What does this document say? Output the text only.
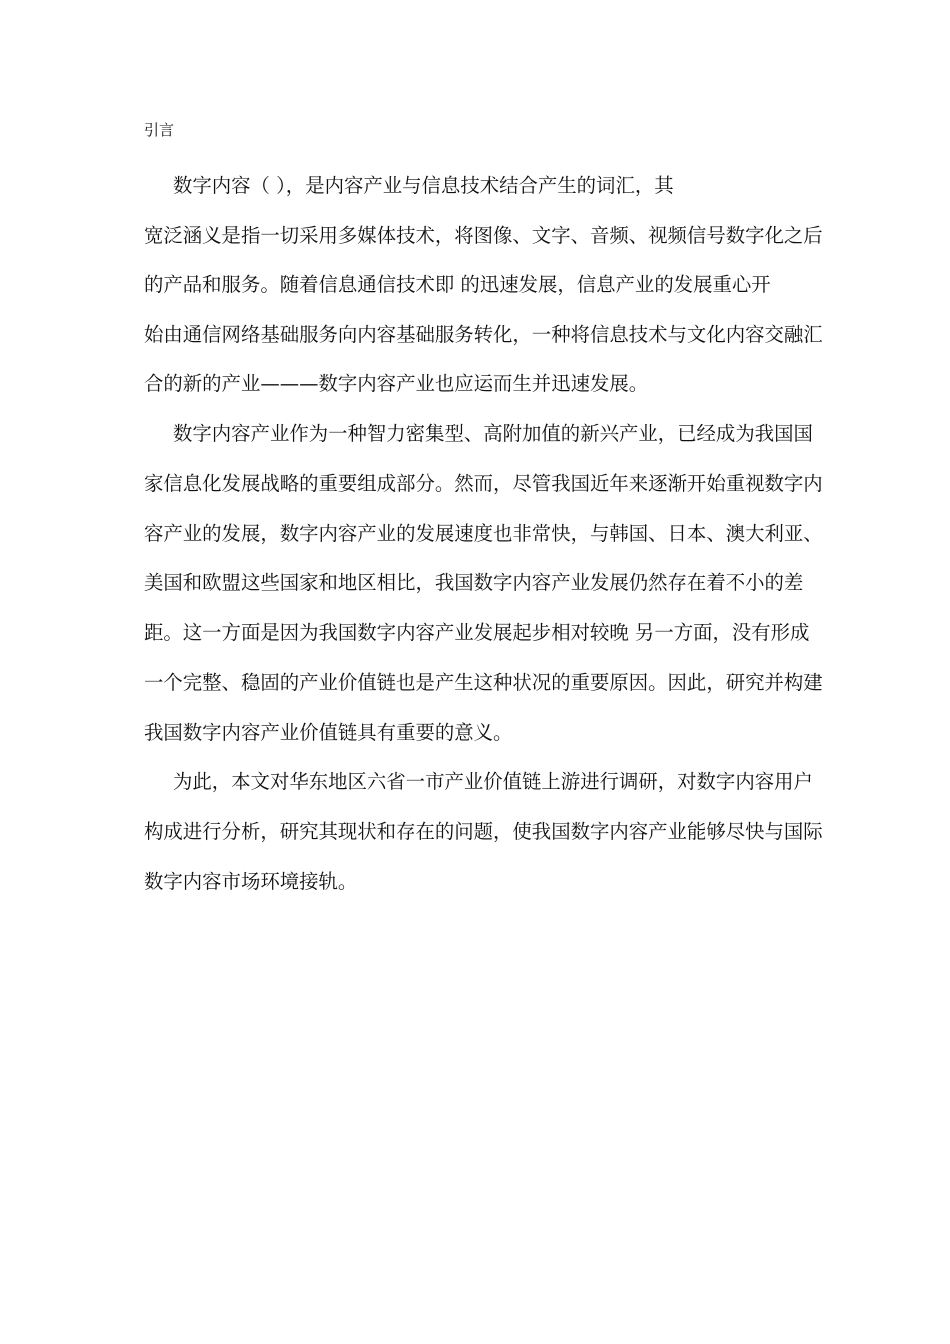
引言
数字内容（ ），是内容产业与信息技术结合产生的词汇，其
宽泛涵义是指一切采用多媒体技术，将图像、文字、音频、视频信号数字化之后
的产品和服务。随着信息通信技术即 的迅速发展，信息产业的发展重心开
始由通信网络基础服务向内容基础服务转化，一种将信息技术与文化内容交融汇
合的新的产业———数字内容产业也应运而生并迅速发展。
数字内容产业作为一种智力密集型、高附加值的新兴产业，已经成为我国国
家信息化发展战略的重要组成部分。然而，尽管我国近年来逐渐开始重视数字内
容产业的发展，数字内容产业的发展速度也非常快，与韩国、日本、澳大利亚、
美国和欧盟这些国家和地区相比，我国数字内容产业发展仍然存在着不小的差
距。这一方面是因为我国数字内容产业发展起步相对较晚 另一方面，没有形成
一个完整、稳固的产业价值链也是产生这种状况的重要原因。因此，研究并构建
我国数字内容产业价值链具有重要的意义。
为此，本文对华东地区六省一市产业价值链上游进行调研，对数字内容用户
构成进行分析，研究其现状和存在的问题，使我国数字内容产业能够尽快与国际
数字内容市场环境接轨。
